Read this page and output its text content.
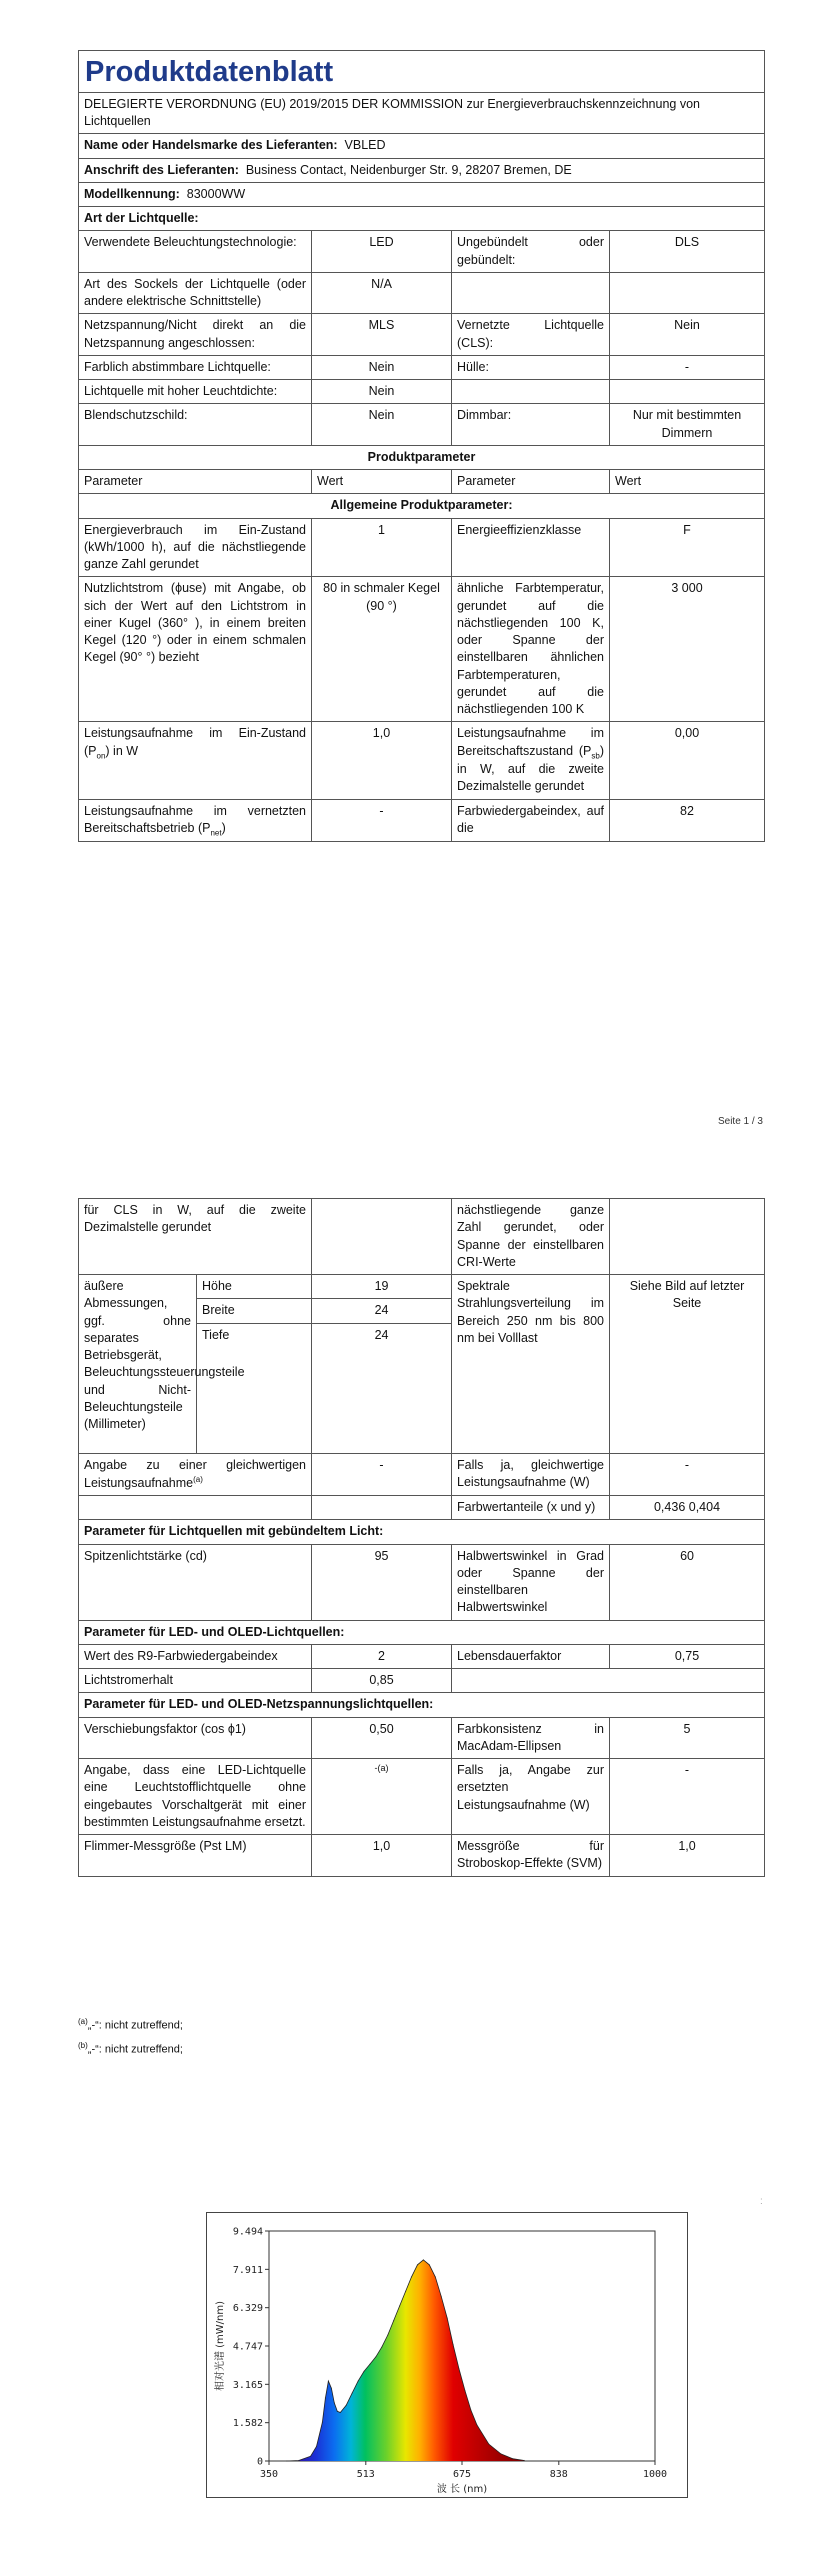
Produktdatenblatt			
DELEGIERTE VERORDNUNG (EU) 2019/2015 DER KOMMISSION zur Energieverbrauchskennzeichnung von Lichtquellen			
Name oder Handelsmarke des Lieferanten: VBLED			
Anschrift des Lieferanten: Business Contact, Neidenburger Str. 9, 28207 Bremen, DE			
Modellkennung: 83000WW			
Art der Lichtquelle:			
Verwendete Beleuchtungstechnologie:	LED	Ungebündelt oder gebündelt:	DLS
Art des Sockels der Lichtquelle (oder andere elektrische Schnittstelle)	N/A		
Netzspannung/Nicht direkt an die Netzspannung angeschlossen:	MLS	Vernetzte Lichtquelle (CLS):	Nein
Farblich abstimmbare Lichtquelle:	Nein	Hülle:	-
Lichtquelle mit hoher Leuchtdichte:	Nein		
Blendschutzschild:	Nein	Dimmbar:	Nur mit bestimmten Dimmern
Produktparameter			
Parameter	Wert	Parameter	Wert
Allgemeine Produktparameter:			
Energieverbrauch im Ein-Zustand (kWh/1000 h), auf die nächstliegende ganze Zahl gerundet	1	Energieeffizienzklasse	F
Nutzlichtstrom (ϕuse) mit Angabe, ob sich der Wert auf den Lichtstrom in einer Kugel (360° ), in einem breiten Kegel (120 °) oder in einem schmalen Kegel (90° °) bezieht	80 in schmaler Kegel (90 °)	ähnliche Farbtemperatur, gerundet auf die nächstliegenden 100 K, oder Spanne der einstellbaren ähnlichen Farbtemperaturen, gerundet auf die nächstliegenden 100 K	3 000
Leistungsaufnahme im Ein-Zustand $(P_{on})$ in W	1,0	Leistungsaufnahme im Bereitschaftszustand $(P_{sb})$ in W, auf die zweite Dezimalstelle gerundet	0,00
Leistungsaufnahme im vernetzten Bereitschaftsbetrieb $(P_{net})$	-	Farbwiedergabeindex, auf die	82
Seite 1 / 3
für CLS in W, auf die zweite Dezimalstelle gerundet			nächstliegende ganze Zahl gerundet, oder Spanne der einstellbaren CRI-Werte	
äußere Abmessungen, ggf. ohne separates Betriebsgerät, Beleuchtungssteuerungsteile und Nicht-Beleuchtungsteile (Millimeter)	Höhe	19	Spektrale Strahlungsverteilung im Bereich 250 nm bis 800 nm bei Volllast	Siehe Bild auf letzter Seite
	Breite	24		
	Tiefe	24		
Angabe zu einer gleichwertigen Leistungsaufnahme$^{(a)}$		-	Falls ja, gleichwertige Leistungsaufnahme (W)	-
			Farbwertanteile (x und y)	0,436 0,404
Parameter für Lichtquellen mit gebündeltem Licht:				
Spitzenlichtstärke (cd)		95	Halbwertswinkel in Grad oder Spanne der einstellbaren Halbwertswinkel	60
Parameter für LED- und OLED-Lichtquellen:				
Wert des R9-Farbwiedergabeindex		2	Lebensdauerfaktor	0,75
Lichtstromerhalt		0,85		
Parameter für LED- und OLED-Netzspannungslichtquellen:				
Verschiebungsfaktor (cos ϕ1)		0,50	Farbkonsistenz in MacAdam-Ellipsen	5
Angabe, dass eine LED-Lichtquelle eine Leuchtstofflichtquelle ohne eingebautes Vorschaltgerät mit einer bestimmten Leistungsaufnahme ersetzt.		-(a)	Falls ja, Angabe zur ersetzten Leistungsaufnahme (W)	-
Flimmer-Messgröße (Pst LM)		1,0	Messgröße für Stroboskop-Effekte (SVM)	1,0
$^{(a)}$„-“: nicht zutreffend;
$^{(b)}$„-“: nicht zutreffend;
:
350	513	675	838	1000
0
1.582
3.165
4.747
6.329
7.911
9.494
波 长 (nm)
相对光谱 (mW/nm)
